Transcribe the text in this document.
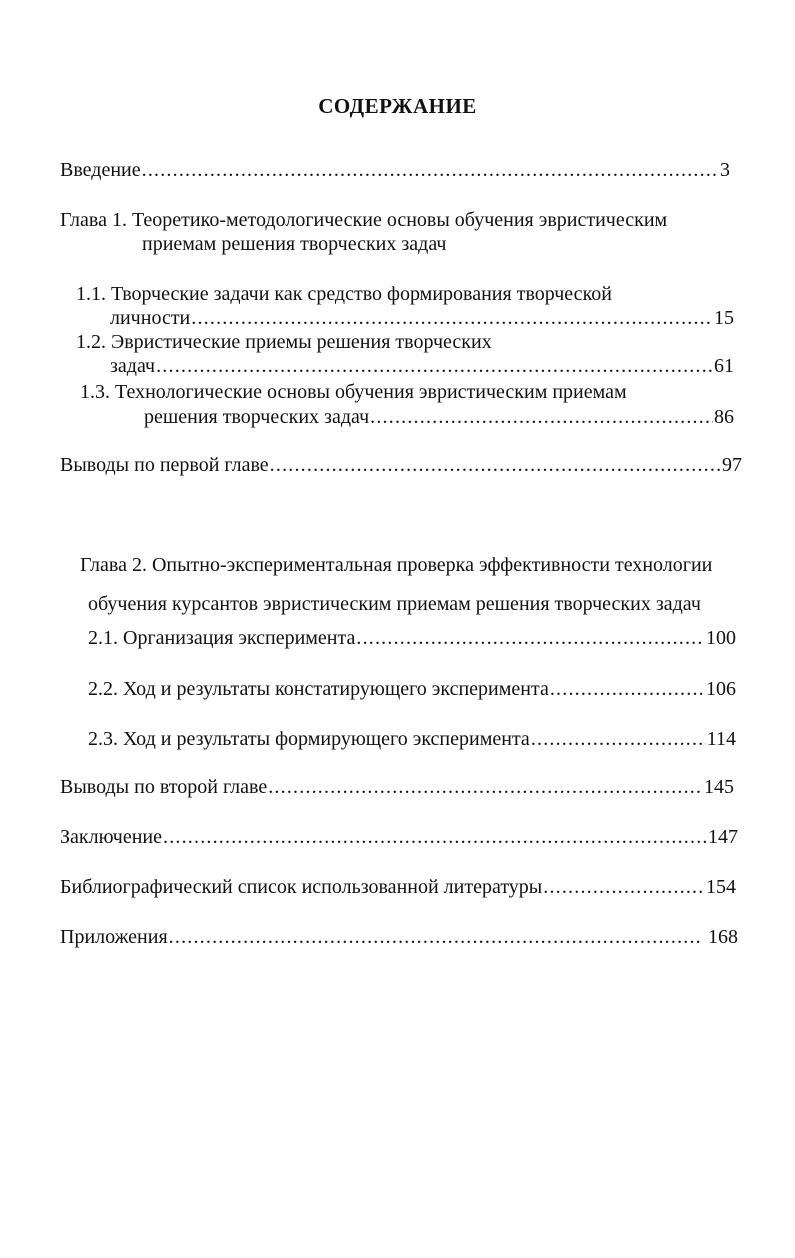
СОДЕРЖАНИЕ
Введение .....	3
Глава 1. Теоретико-методологические основы обучения эвристическим
приемам решения творческих задач
1.1. Творческие задачи как средство формирования творческой
личности .....	15
1.2. Эвристические приемы решения творческих
задач .....	61
1.3. Технологические основы обучения эвристическим приемам
решения творческих задач .....	86
Выводы по первой главе .....	97
Глава 2. Опытно-экспериментальная проверка эффективности технологии
обучения курсантов эвристическим приемам решения творческих задач
2.1. Организация эксперимента .....	100
2.2. Ход и результаты констатирующего эксперимента .....	106
2.3. Ход и результаты формирующего эксперимента .....	114
Выводы по второй главе .....	145
Заключение .....	147
Библиографический список использованной литературы .....	154
Приложения .....	168
